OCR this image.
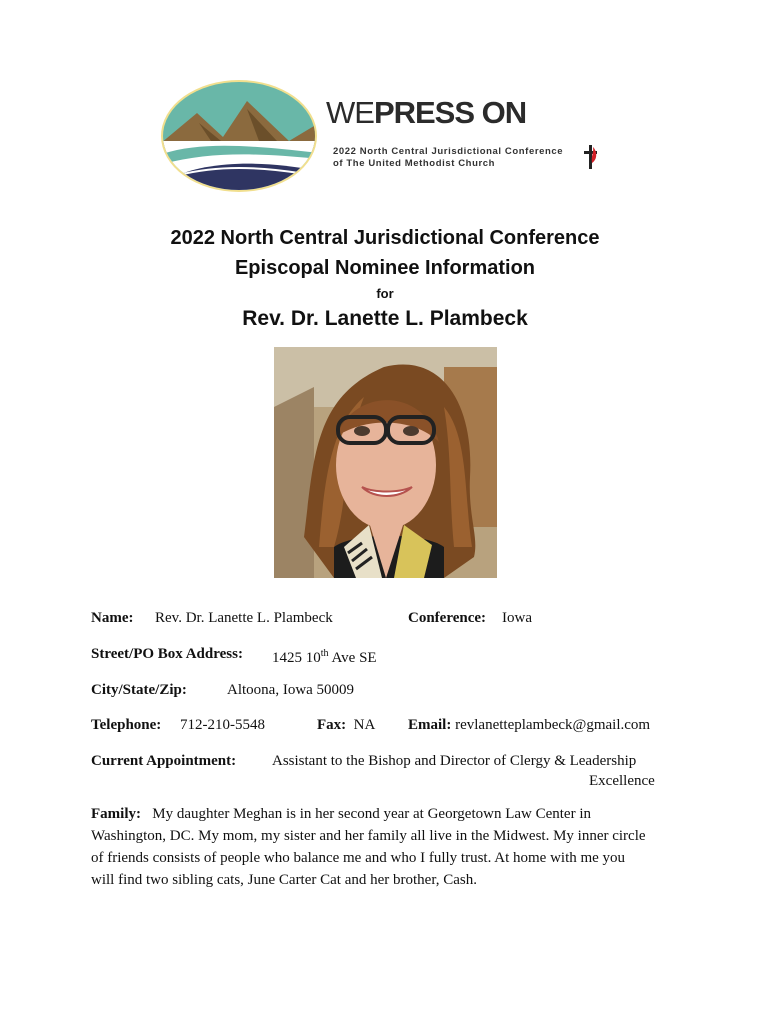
WEPRESS ON
2022 North Central Jurisdictional Conference
of The United Methodist Church
2022 North Central Jurisdictional Conference
Episcopal Nominee Information
for
Rev. Dr. Lanette L. Plambeck
Name: Rev. Dr. Lanette L. Plambeck	Conference: Iowa
Street/PO Box Address: 1425 10th Ave SE
City/State/Zip:	Altoona, Iowa 50009
Telephone: 712-210-5548	Fax: NA Email: revlanetteplambeck@gmail.com
Current Appointment: Assistant to the Bishop and Director of Clergy & Leadership
Excellence
Family: My daughter Meghan is in her second year at Georgetown Law Center in Washington, DC. My mom, my sister and her family all live in the Midwest. My inner circle of friends consists of people who balance me and who I fully trust. At home with me you will find two sibling cats, June Carter Cat and her brother, Cash.
